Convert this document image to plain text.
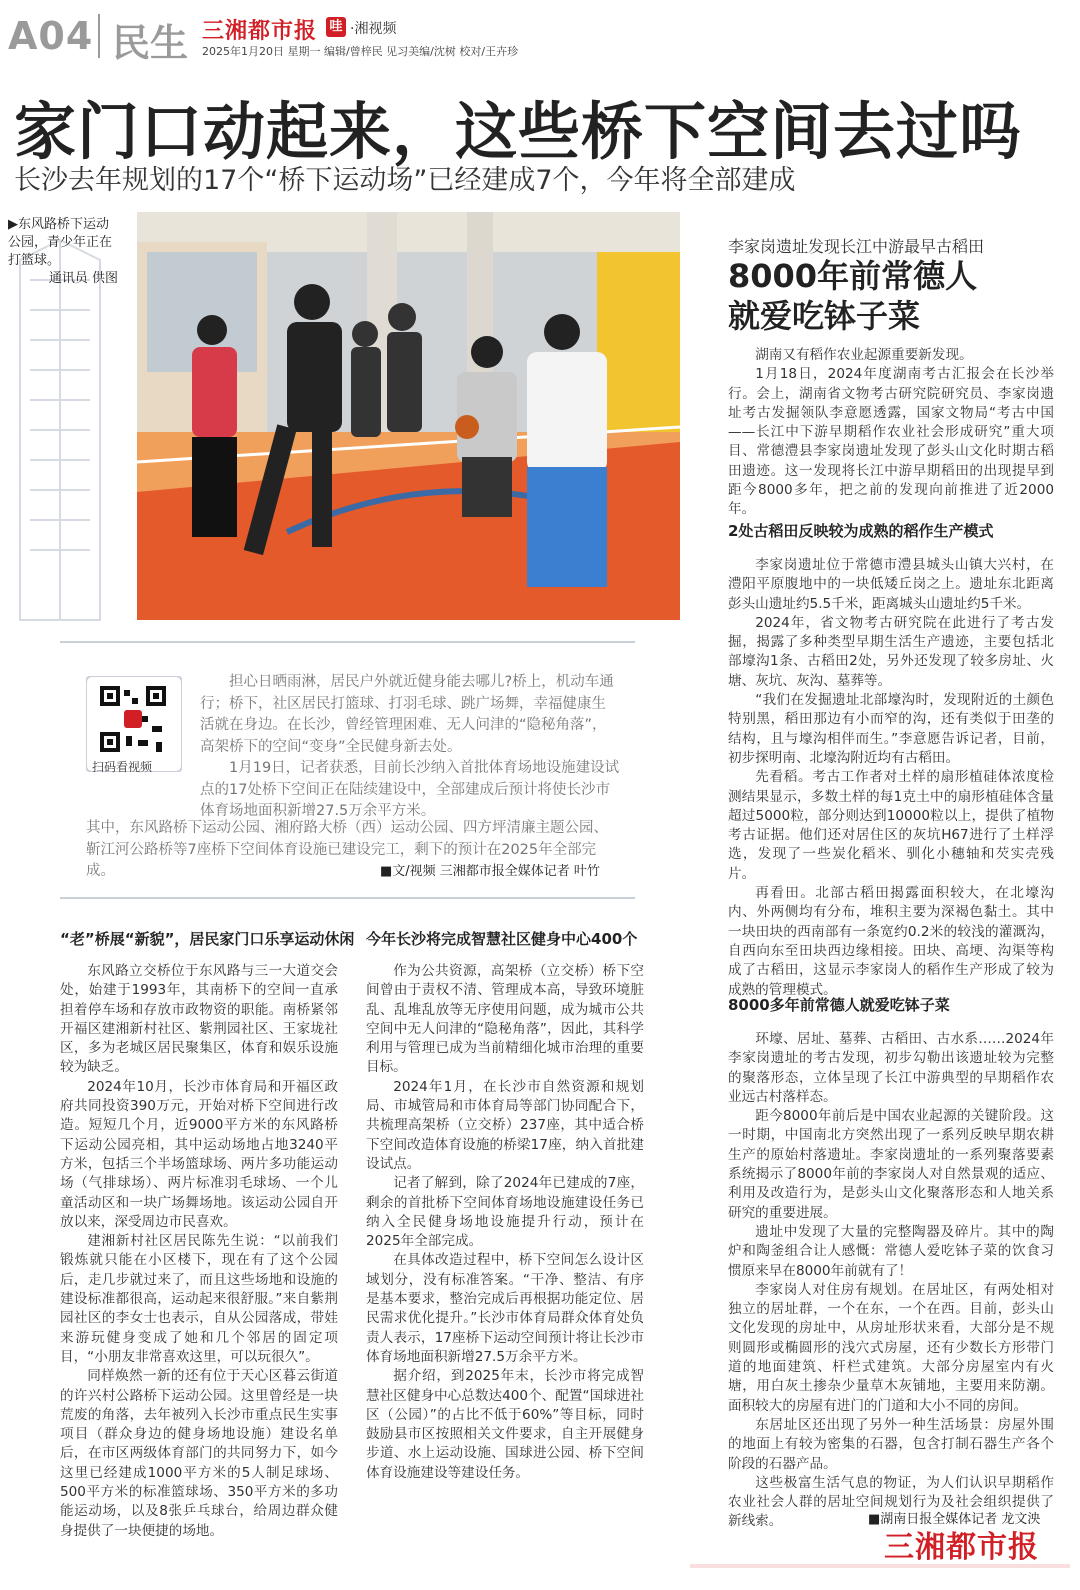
A04 民生 三湘都市报 哇 ·湘视频
2025年1月20日 星期一 编辑/曾梓民 见习美编/沈树 校对/王卉珍
家门口动起来，这些桥下空间去过吗
长沙去年规划的17个“桥下运动场”已经建成7个，今年将全部建成
▶东风路桥下运动公园，青少年正在打篮球。
通讯员 供图
扫码看视频
担心日晒雨淋，居民户外就近健身能去哪儿?桥上，机动车通行；桥下，社区居民打篮球、打羽毛球、跳广场舞，幸福健康生活就在身边。在长沙，曾经管理困难、无人问津的“隐秘角落”，高架桥下的空间“变身”全民健身新去处。
1月19日，记者获悉，目前长沙纳入首批体育场地设施建设试点的17处桥下空间正在陆续建设中，全部建成后预计将使长沙市体育场地面积新增27.5万余平方米。
其中，东风路桥下运动公园、湘府路大桥（西）运动公园、四方坪清廉主题公园、靳江河公路桥等7座桥下空间体育设施已建设完工，剩下的预计在2025年全部完成。	■文/视频 三湘都市报全媒体记者 叶竹
“老”桥展“新貌”，居民家门口乐享运动休闲

东风路立交桥位于东风路与三一大道交会处，始建于1993年，其南桥下的空间一直承担着停车场和存放市政物资的职能。南桥紧邻开福区建湘新村社区、紫荆园社区、王家垅社区，多为老城区居民聚集区，体育和娱乐设施较为缺乏。

2024年10月，长沙市体育局和开福区政府共同投资390万元，开始对桥下空间进行改造。短短几个月，近9000平方米的东风路桥下运动公园亮相，其中运动场地占地3240平方米，包括三个半场篮球场、两片多功能运动场（气排球场）、两片标准羽毛球场、一个儿童活动区和一块广场舞场地。该运动公园自开放以来，深受周边市民喜欢。

建湘新村社区居民陈先生说：“以前我们锻炼就只能在小区楼下，现在有了这个公园后，走几步就过来了，而且这些场地和设施的建设标准都很高，运动起来很舒服。”来自紫荆园社区的李女士也表示，自从公园落成，带娃来游玩健身变成了她和几个邻居的固定项目，“小朋友非常喜欢这里，可以玩很久”。

同样焕然一新的还有位于天心区暮云街道的许兴村公路桥下运动公园。这里曾经是一块荒废的角落，去年被列入长沙市重点民生实事项目（群众身边的健身场地设施）建设名单后，在市区两级体育部门的共同努力下，如今这里已经建成1000平方米的5人制足球场、500平方米的标准篮球场、350平方米的多功能运动场，以及8张乒乓球台，给周边群众健身提供了一块便捷的场地。

今年长沙将完成智慧社区健身中心400个

作为公共资源，高架桥（立交桥）桥下空间曾由于责权不清、管理成本高，导致环境脏乱、乱堆乱放等无序使用问题，成为城市公共空间中无人问津的“隐秘角落”，因此，其科学利用与管理已成为当前精细化城市治理的重要目标。

2024年1月，在长沙市自然资源和规划局、市城管局和市体育局等部门协同配合下，共梳理高架桥（立交桥）237座，其中适合桥下空间改造体育设施的桥梁17座，纳入首批建设试点。

记者了解到，除了2024年已建成的7座，剩余的首批桥下空间体育场地设施建设任务已纳入全民健身场地设施提升行动，预计在2025年全部完成。

在具体改造过程中，桥下空间怎么设计区域划分，没有标准答案。“干净、整洁、有序是基本要求，整治完成后再根据功能定位、居民需求优化提升。”长沙市体育局群众体育处负责人表示，17座桥下运动空间预计将让长沙市体育场地面积新增27.5万余平方米。

据介绍，到2025年末，长沙市将完成智慧社区健身中心总数达400个、配置“国球进社区（公园）”的占比不低于60%”等目标，同时鼓励县市区按照相关文件要求，自主开展健身步道、水上运动设施、国球进公园、桥下空间体育设施建设等建设任务。

李家岗遗址发现长江中游最早古稻田
8000年前常德人
就爱吃钵子菜

湖南又有稻作农业起源重要新发现。

1月18日，2024年度湖南考古汇报会在长沙举行。会上，湖南省文物考古研究院研究员、李家岗遗址考古发掘领队李意愿透露，国家文物局“考古中国——长江中下游早期稻作农业社会形成研究”重大项目、常德澧县李家岗遗址发现了彭头山文化时期古稻田遗迹。这一发现将长江中游早期稻田的出现提早到距今8000多年，把之前的发现向前推进了近2000年。

2处古稻田反映较为成熟的稻作生产模式

李家岗遗址位于常德市澧县城头山镇大兴村，在澧阳平原腹地中的一块低矮丘岗之上。遗址东北距离彭头山遗址约5.5千米，距离城头山遗址约5千米。

2024年，省文物考古研究院在此进行了考古发掘，揭露了多种类型早期生活生产遗迹，主要包括北部壕沟1条、古稻田2处，另外还发现了较多房址、火塘、灰坑、灰沟、墓葬等。

“我们在发掘遗址北部壕沟时，发现附近的土颜色特别黑，稻田那边有小而窄的沟，还有类似于田垄的结构，且与壕沟相伴而生。”李意愿告诉记者，目前，初步探明南、北壕沟附近均有古稻田。

先看稻。考古工作者对土样的扇形植硅体浓度检测结果显示，多数土样的每1克土中的扇形植硅体含量超过5000粒，部分则达到10000粒以上，提供了植物考古证据。他们还对居住区的灰坑H67进行了土样浮选，发现了一些炭化稻米、驯化小穗轴和芡实壳残片。

再看田。北部古稻田揭露面积较大，在北壕沟内、外两侧均有分布，堆积主要为深褐色黏土。其中一块田块的西南部有一条宽约0.2米的较浅的灌溉沟，自西向东至田块西边缘相接。田块、高埂、沟渠等构成了古稻田，这显示李家岗人的稻作生产形成了较为成熟的管理模式。

8000多年前常德人就爱吃钵子菜

环壕、居址、墓葬、古稻田、古水系……2024年李家岗遗址的考古发现，初步勾勒出该遗址较为完整的聚落形态，立体呈现了长江中游典型的早期稻作农业远古村落样态。

距今8000年前后是中国农业起源的关键阶段。这一时期，中国南北方突然出现了一系列反映早期农耕生产的原始村落遗址。李家岗遗址的一系列聚落要素系统揭示了8000年前的李家岗人对自然景观的适应、利用及改造行为，是彭头山文化聚落形态和人地关系研究的重要进展。

遗址中发现了大量的完整陶器及碎片。其中的陶炉和陶釜组合让人感慨：常德人爱吃钵子菜的饮食习惯原来早在8000年前就有了！

李家岗人对住房有规划。在居址区，有两处相对独立的居址群，一个在东，一个在西。目前，彭头山文化发现的房址中，从房址形状来看，大部分是不规则圆形或椭圆形的浅穴式房屋，还有少数长方形带门道的地面建筑、杆栏式建筑。大部分房屋室内有火塘，用白灰土掺杂少量草木灰铺地，主要用来防潮。面积较大的房屋有进门的门道和大小不同的房间。

东居址区还出现了另外一种生活场景：房屋外围的地面上有较为密集的石器，包含打制石器生产各个阶段的石器产品。

这些极富生活气息的物证，为人们认识早期稻作农业社会人群的居址空间规划行为及社会组织提供了新线索。	■湖南日报全媒体记者 龙文泱
三湘都市报
